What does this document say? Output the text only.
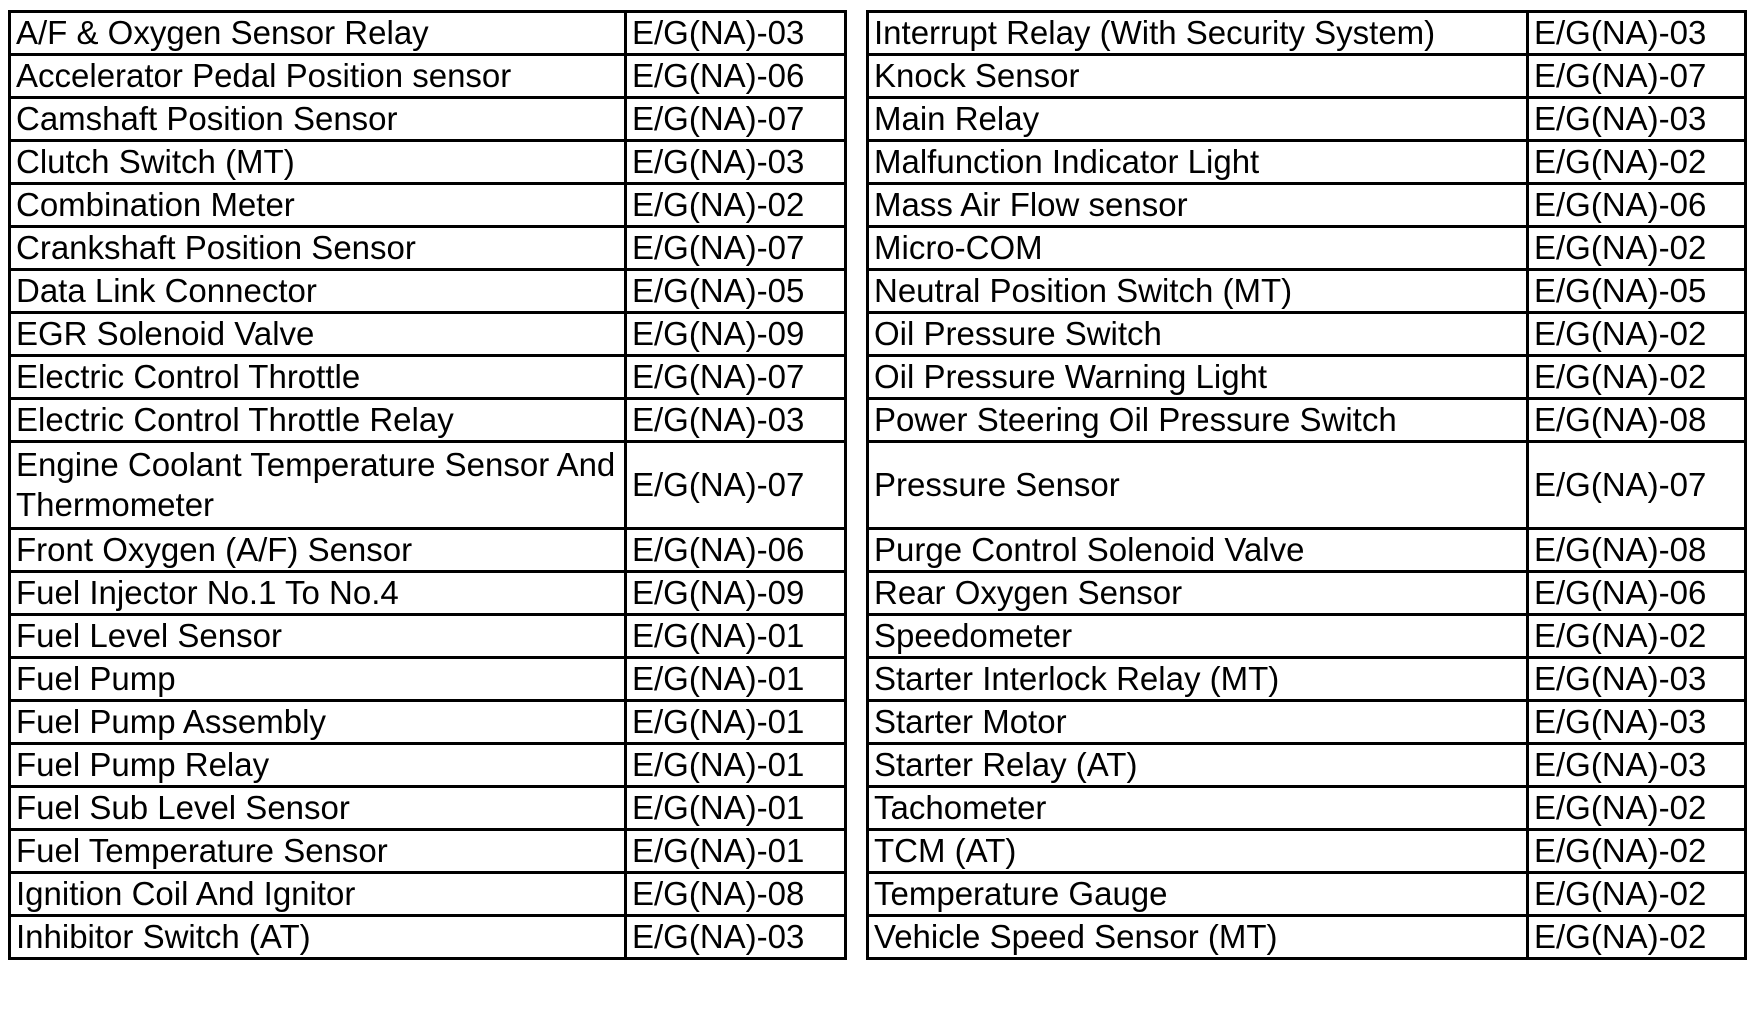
A/F & Oxygen Sensor Relay	E/G(NA)-03
Accelerator Pedal Position sensor	E/G(NA)-06
Camshaft Position Sensor	E/G(NA)-07
Clutch Switch (MT)	E/G(NA)-03
Combination Meter	E/G(NA)-02
Crankshaft Position Sensor	E/G(NA)-07
Data Link Connector	E/G(NA)-05
EGR Solenoid Valve	E/G(NA)-09
Electric Control Throttle	E/G(NA)-07
Electric Control Throttle Relay	E/G(NA)-03
Engine Coolant Temperature Sensor And Thermometer	E/G(NA)-07
Front Oxygen (A/F) Sensor	E/G(NA)-06
Fuel Injector No.1 To No.4	E/G(NA)-09
Fuel Level Sensor	E/G(NA)-01
Fuel Pump	E/G(NA)-01
Fuel Pump Assembly	E/G(NA)-01
Fuel Pump Relay	E/G(NA)-01
Fuel Sub Level Sensor	E/G(NA)-01
Fuel Temperature Sensor	E/G(NA)-01
Ignition Coil And Ignitor	E/G(NA)-08
Inhibitor Switch (AT)	E/G(NA)-03
Interrupt Relay (With Security System)	E/G(NA)-03
Knock Sensor	E/G(NA)-07
Main Relay	E/G(NA)-03
Malfunction Indicator Light	E/G(NA)-02
Mass Air Flow sensor	E/G(NA)-06
Micro-COM	E/G(NA)-02
Neutral Position Switch (MT)	E/G(NA)-05
Oil Pressure Switch	E/G(NA)-02
Oil Pressure Warning Light	E/G(NA)-02
Power Steering Oil Pressure Switch	E/G(NA)-08
Pressure Sensor	E/G(NA)-07
Purge Control Solenoid Valve	E/G(NA)-08
Rear Oxygen Sensor	E/G(NA)-06
Speedometer	E/G(NA)-02
Starter Interlock Relay (MT)	E/G(NA)-03
Starter Motor	E/G(NA)-03
Starter Relay (AT)	E/G(NA)-03
Tachometer	E/G(NA)-02
TCM (AT)	E/G(NA)-02
Temperature Gauge	E/G(NA)-02
Vehicle Speed Sensor (MT)	E/G(NA)-02
